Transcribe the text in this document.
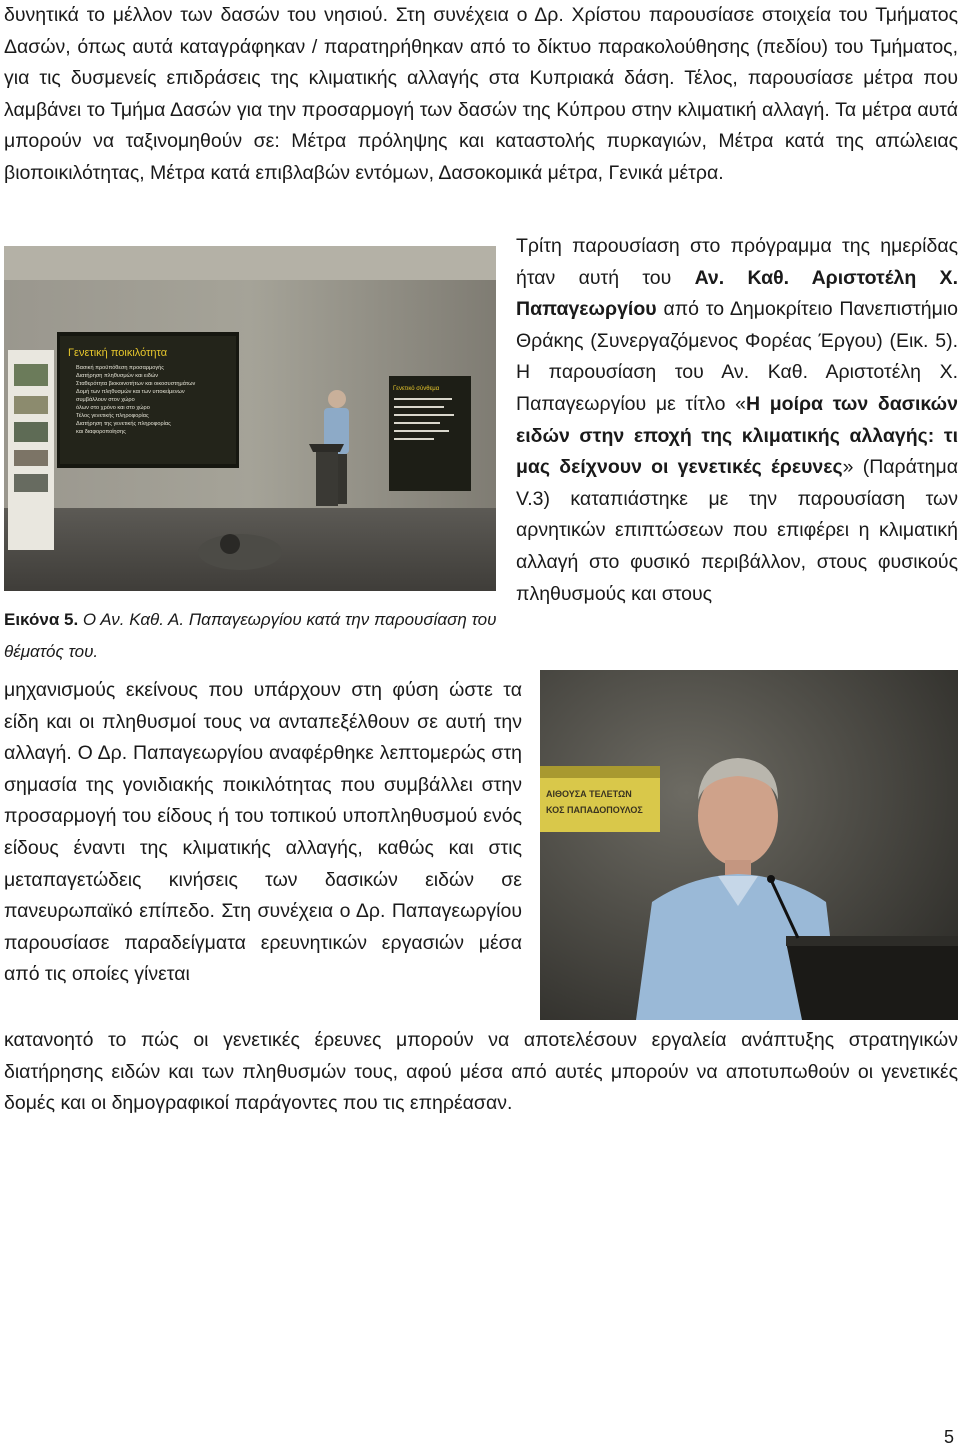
δυνητικά το μέλλον των δασών του νησιού. Στη συνέχεια ο Δρ. Χρίστου παρουσίασε στοιχεία του Τμήματος Δασών, όπως αυτά καταγράφηκαν / παρατηρήθηκαν από το δίκτυο παρακολούθησης (πεδίου) του Τμήματος, για τις δυσμενείς επιδράσεις της κλιματικής αλλαγής στα Κυπριακά δάση. Τέλος, παρουσίασε μέτρα που λαμβάνει το Τμήμα Δασών για την προσαρμογή των δασών της Κύπρου στην κλιματική αλλαγή. Τα μέτρα αυτά μπορούν να ταξινομηθούν σε: Μέτρα πρόληψης και καταστολής πυρκαγιών, Μέτρα κατά της απώλειας βιοποικιλότητας, Μέτρα κατά επιβλαβών εντόμων, Δασοκομικά μέτρα, Γενικά μέτρα.

Γενετική ποικιλότητα
Βασική προϋπόθεση προσαρμογής
Διατήρηση πληθυσμών και ειδών
Σταθερότητα βιοκοινοτήτων και οικοσυστημάτων
Δομή των πληθυσμών και των υποκείμενων
συμβάλλουν στον χώρο
όλων στο χρόνο και στο χώρο
Τέλος γενετικής πληροφορίας
Διατήρηση της γενετικής πληροφορίας
και διαφοροποίησης
Γενετικό σύνθεμα
Τρίτη παρουσίαση στο πρόγραμμα της ημερίδας ήταν αυτή του Αν. Καθ. Αριστοτέλη Χ. Παπαγεωργίου από το Δημοκρίτειο Πανεπιστήμιο Θράκης (Συνεργαζόμενος Φορέας Έργου) (Εικ. 5). Η παρουσίαση του Αν. Καθ. Αριστοτέλη Χ. Παπαγεωργίου με τίτλο «Η μοίρα των δασικών ειδών στην εποχή της κλιματικής αλλαγής: τι μας δείχνουν οι γενετικές έρευνες» (Παράτημα V.3) καταπιάστηκε με την παρουσίαση των αρνητικών επιπτώσεων που επιφέρει η κλιματική αλλαγή στο φυσικό περιβάλλον, στους φυσικούς πληθυσμούς και στους

Εικόνα 5. Ο Αν. Καθ. Α. Παπαγεωργίου κατά την παρουσίαση του θέματός του.

ΑΙΘΟΥΣΑ ΤΕΛΕΤΩΝ
ΚΟΣ ΠΑΠΑΔΟΠΟΥΛΟΣ

μηχανισμούς εκείνους που υπάρχουν στη φύση ώστε τα είδη και οι πληθυσμοί τους να ανταπεξέλθουν σε αυτή την αλλαγή. Ο Δρ. Παπαγεωργίου αναφέρθηκε λεπτομερώς στη σημασία της γονιδιακής ποικιλότητας που συμβάλλει στην προσαρμογή του είδους ή του τοπικού υποπληθυσμού ενός είδους έναντι της κλιματικής αλλαγής, καθώς και στις μεταπαγετώδεις κινήσεις των δασικών ειδών σε πανευρωπαϊκό επίπεδο. Στη συνέχεια ο Δρ. Παπαγεωργίου παρουσίασε παραδείγματα ερευνητικών εργασιών μέσα από τις οποίες γίνεται

κατανοητό το πώς οι γενετικές έρευνες μπορούν να αποτελέσουν εργαλεία ανάπτυξης στρατηγικών διατήρησης ειδών και των πληθυσμών τους, αφού μέσα από αυτές μπορούν να αποτυπωθούν οι γενετικές δομές και οι δημογραφικοί παράγοντες που τις επηρέασαν.

5
